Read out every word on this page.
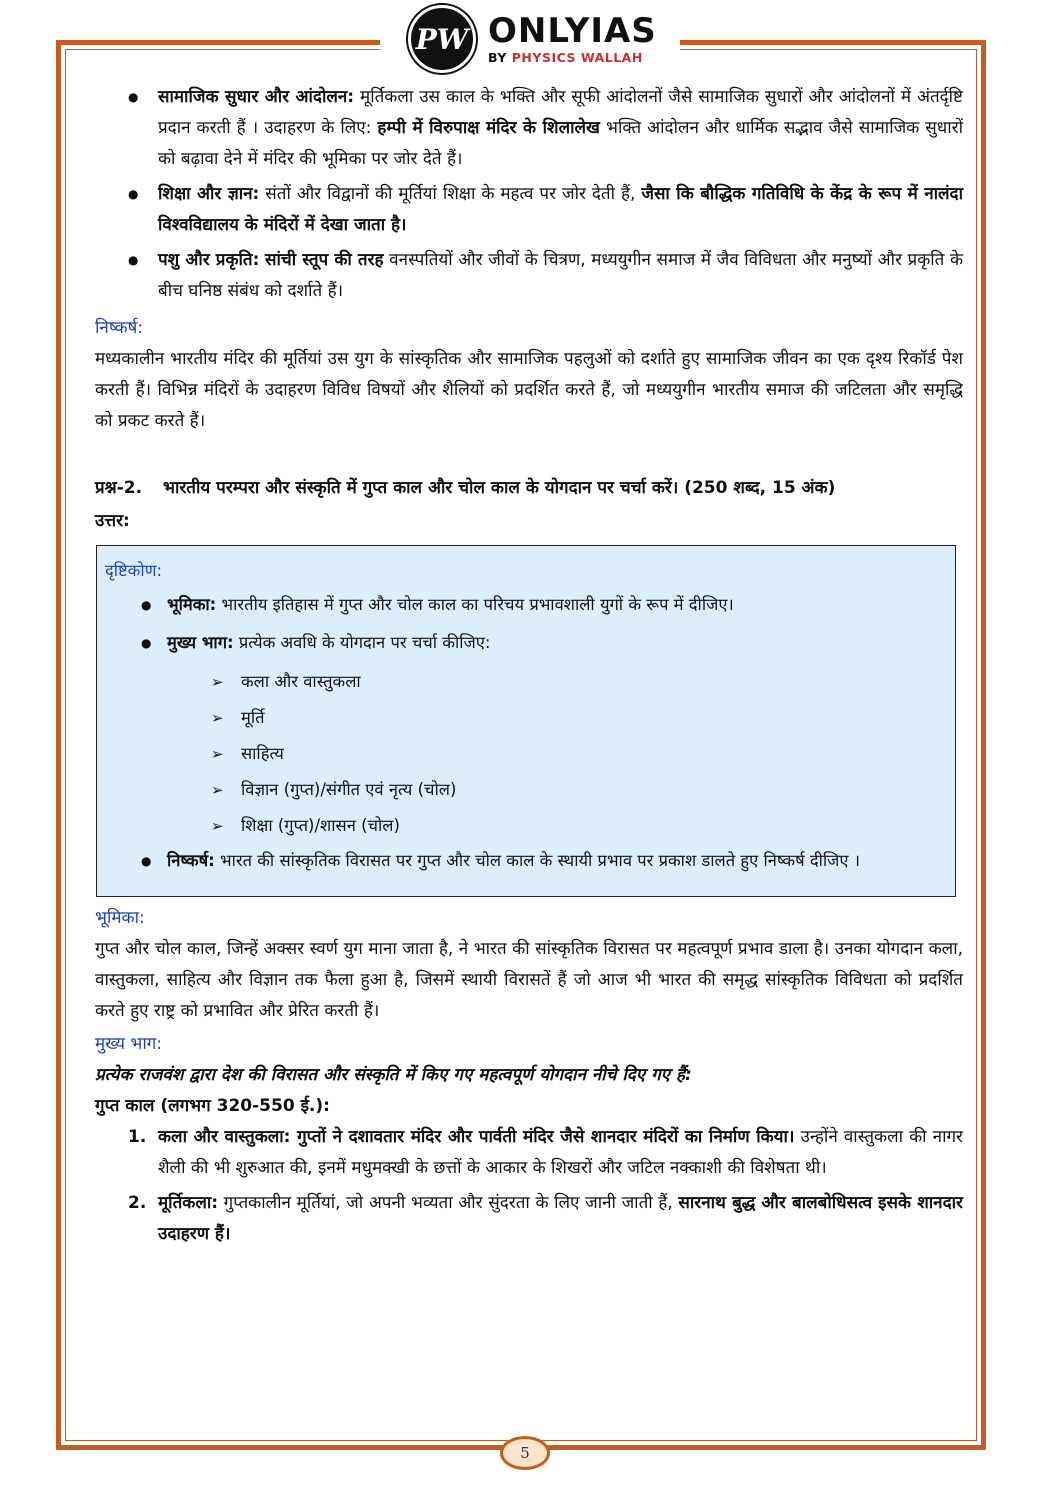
PW ONLYIAS
BY PHYSICS WALLAH
● सामाजिक सुधार और आंदोलन: मूर्तिकला उस काल के भक्ति और सूफी आंदोलनों जैसे सामाजिक सुधारों और आंदोलनों में अंतर्दृष्टि प्रदान करती हैं । उदाहरण के लिए: हम्पी में विरुपाक्ष मंदिर के शिलालेख भक्ति आंदोलन और धार्मिक सद्भाव जैसे सामाजिक सुधारों को बढ़ावा देने में मंदिर की भूमिका पर जोर देते हैं।
● शिक्षा और ज्ञान: संतों और विद्वानों की मूर्तियां शिक्षा के महत्व पर जोर देती हैं, जैसा कि बौद्धिक गतिविधि के केंद्र के रूप में नालंदा विश्वविद्यालय के मंदिरों में देखा जाता है।
● पशु और प्रकृति: सांची स्तूप की तरह वनस्पतियों और जीवों के चित्रण, मध्ययुगीन समाज में जैव विविधता और मनुष्यों और प्रकृति के बीच घनिष्ठ संबंध को दर्शाते हैं।

निष्कर्ष:

मध्यकालीन भारतीय मंदिर की मूर्तियां उस युग के सांस्कृतिक और सामाजिक पहलुओं को दर्शाते हुए सामाजिक जीवन का एक दृश्य रिकॉर्ड पेश करती हैं। विभिन्न मंदिरों के उदाहरण विविध विषयों और शैलियों को प्रदर्शित करते हैं, जो मध्ययुगीन भारतीय समाज की जटिलता और समृद्धि को प्रकट करते हैं।

प्रश्न-2.	भारतीय परम्परा और संस्कृति में गुप्त काल और चोल काल के योगदान पर चर्चा करें। (250 शब्द, 15 अंक)

उत्तर:

दृष्टिकोण:

● भूमिका: भारतीय इतिहास में गुप्त और चोल काल का परिचय प्रभावशाली युगों के रूप में दीजिए।
● मुख्य भाग: प्रत्येक अवधि के योगदान पर चर्चा कीजिए:
➢ कला और वास्तुकला
➢ मूर्ति
➢ साहित्य
➢ विज्ञान (गुप्त)/संगीत एवं नृत्य (चोल)
➢ शिक्षा (गुप्त)/शासन (चोल)
● निष्कर्ष: भारत की सांस्कृतिक विरासत पर गुप्त और चोल काल के स्थायी प्रभाव पर प्रकाश डालते हुए निष्कर्ष दीजिए ।

भूमिका:

गुप्त और चोल काल, जिन्हें अक्सर स्वर्ण युग माना जाता है, ने भारत की सांस्कृतिक विरासत पर महत्वपूर्ण प्रभाव डाला है। उनका योगदान कला, वास्तुकला, साहित्य और विज्ञान तक फैला हुआ है, जिसमें स्थायी विरासतें हैं जो आज भी भारत की समृद्ध सांस्कृतिक विविधता को प्रदर्शित करते हुए राष्ट्र को प्रभावित और प्रेरित करती हैं।

मुख्य भाग:

प्रत्येक राजवंश द्वारा देश की विरासत और संस्कृति में किए गए महत्वपूर्ण योगदान नीचे दिए गए हैं:

गुप्त काल (लगभग 320-550 ई.):

1. कला और वास्तुकला: गुप्तों ने दशावतार मंदिर और पार्वती मंदिर जैसे शानदार मंदिरों का निर्माण किया। उन्होंने वास्तुकला की नागर शैली की भी शुरुआत की, इनमें मधुमक्खी के छत्तों के आकार के शिखरों और जटिल नक्काशी की विशेषता थी।
2. मूर्तिकला: गुप्तकालीन मूर्तियां, जो अपनी भव्यता और सुंदरता के लिए जानी जाती हैं, सारनाथ बुद्ध और बालबोधिसत्व इसके शानदार उदाहरण हैं।
5
